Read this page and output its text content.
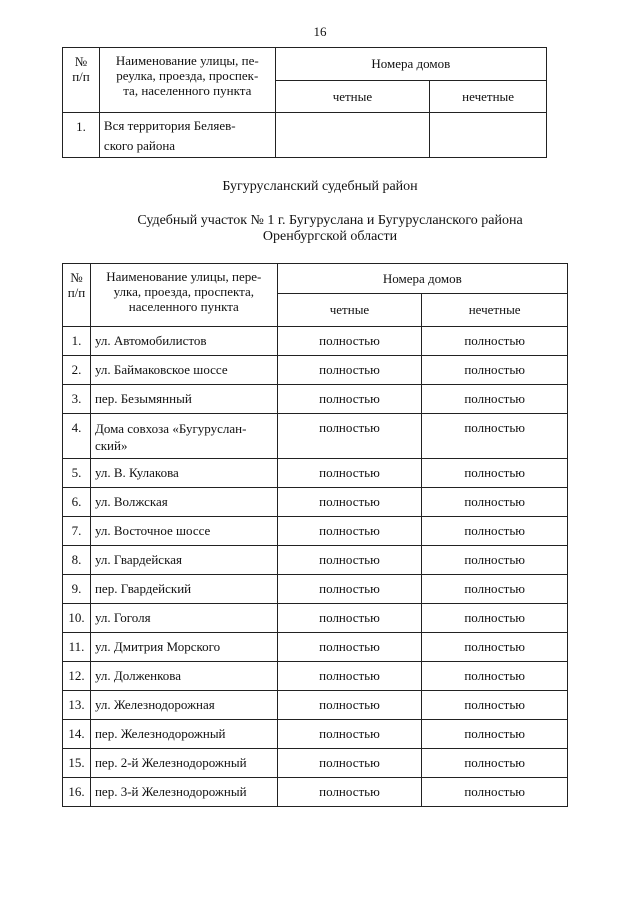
16
№
п/п	Наименование улицы, пе-
реулка, проезда, проспек-
та, населенного пункта	Номера домов	
		четные	нечетные
1.	Вся территория Беляев-
ского района		

Бугурусланский судебный район
Судебный участок № 1 г. Бугуруслана и Бугурусланского района
Оренбургской области
№
п/п	Наименование улицы, пере-
улка, проезда, проспекта,
населенного пункта	Номера домов	
		четные	нечетные
1.	ул. Автомобилистов	полностью	полностью
2.	ул. Баймаковское шоссе	полностью	полностью
3.	пер. Безымянный	полностью	полностью
4.	Дома совхоза «Бугуруслан-
ский»	полностью	полностью
5.	ул. В. Кулакова	полностью	полностью
6.	ул. Волжская	полностью	полностью
7.	ул. Восточное шоссе	полностью	полностью
8.	ул. Гвардейская	полностью	полностью
9.	пер. Гвардейский	полностью	полностью
10.	ул. Гоголя	полностью	полностью
11.	ул. Дмитрия Морского	полностью	полностью
12.	ул. Долженкова	полностью	полностью
13.	ул. Железнодорожная	полностью	полностью
14.	пер. Железнодорожный	полностью	полностью
15.	пер. 2-й Железнодорожный	полностью	полностью
16.	пер. 3-й Железнодорожный	полностью	полностью
